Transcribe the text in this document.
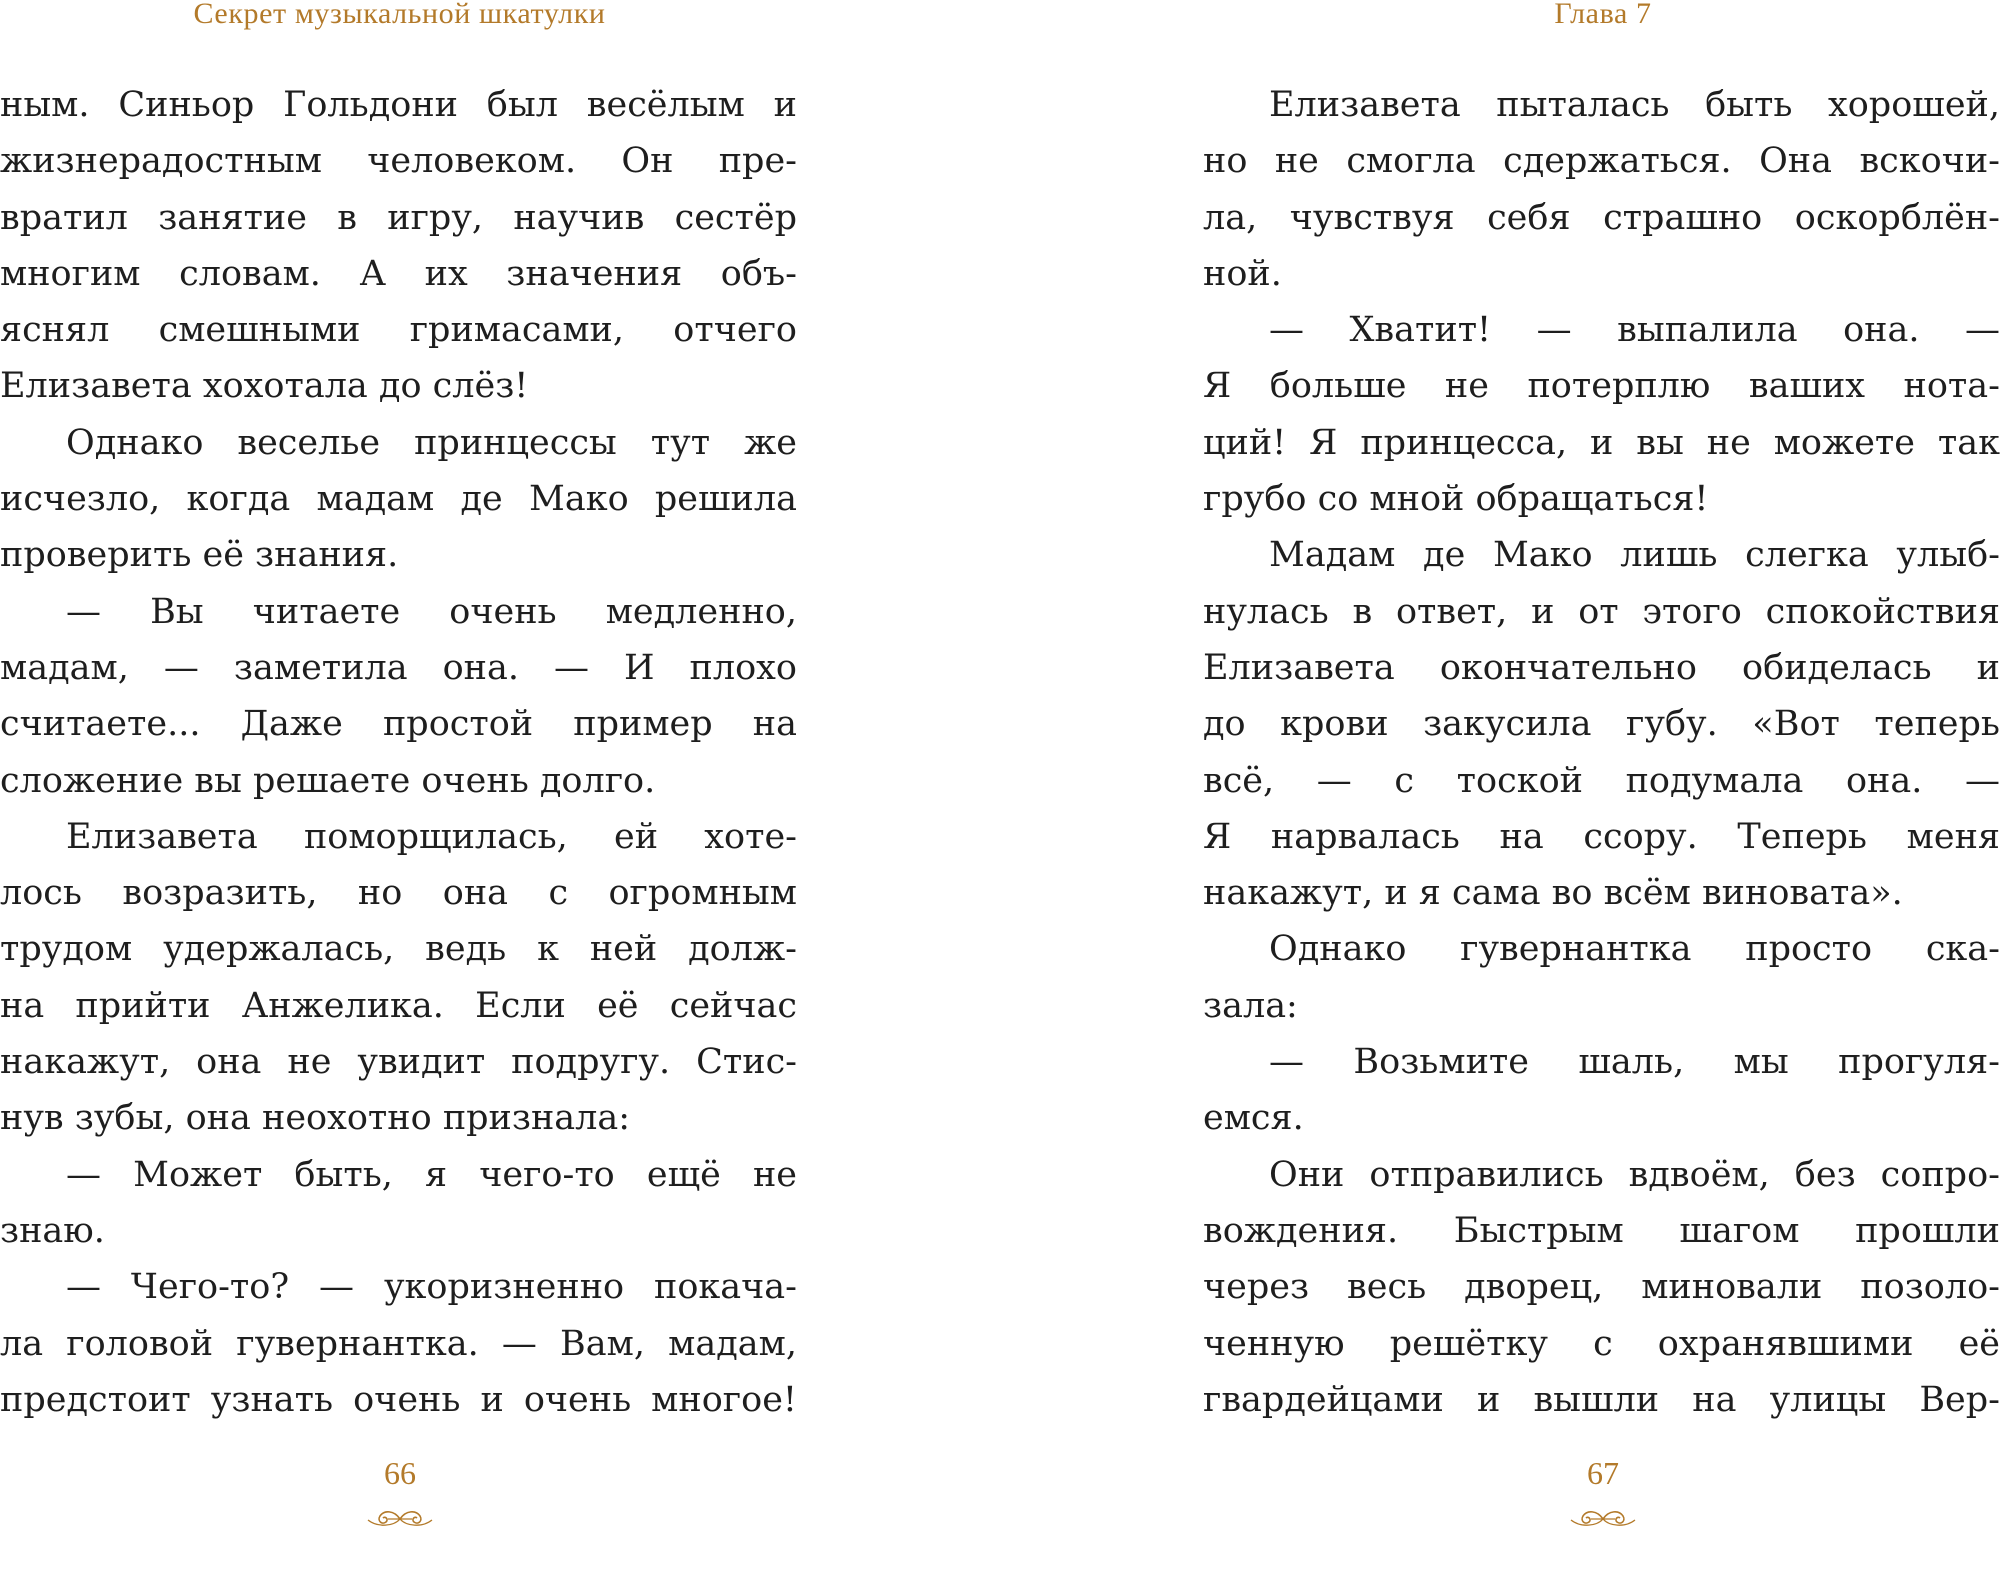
Секрет музыкальной шкатулки
ным. Синьор Гольдони был весёлым и
жизнерадостным человеком. Он пре-
вратил занятие в игру, научив сестёр
многим словам. А их значения объ-
яснял смешными гримасами, отчего
Елизавета хохотала до слёз!
Однако веселье принцессы тут же
исчезло, когда мадам де Мако решила
проверить её знания.
— Вы читаете очень медленно,
мадам, — заметила она. — И плохо
считаете... Даже простой пример на
сложение вы решаете очень долго.
Елизавета поморщилась, ей хоте-
лось возразить, но она с огромным
трудом удержалась, ведь к ней долж-
на прийти Анжелика. Если её сейчас
накажут, она не увидит подругу. Стис-
нув зубы, она неохотно признала:
— Может быть, я чего-то ещё не
знаю.
— Чего-то? — укоризненно покача-
ла головой гувернантка. — Вам, мадам,
предстоит узнать очень и очень многое!
66
Глава 7
Елизавета пыталась быть хорошей,
но не смогла сдержаться. Она вскочи-
ла, чувствуя себя страшно оскорблён-
ной.
— Хватит! — выпалила она. —
Я больше не потерплю ваших нота-
ций! Я принцесса, и вы не можете так
грубо со мной обращаться!
Мадам де Мако лишь слегка улыб-
нулась в ответ, и от этого спокойствия
Елизавета окончательно обиделась и
до крови закусила губу. «Вот теперь
всё, — с тоской подумала она. —
Я нарвалась на ссору. Теперь меня
накажут, и я сама во всём виновата».
Однако гувернантка просто ска-
зала:
— Возьмите шаль, мы прогуля-
емся.
Они отправились вдвоём, без сопро-
вождения. Быстрым шагом прошли
через весь дворец, миновали позоло-
ченную решётку с охранявшими её
гвардейцами и вышли на улицы Вер-
67
